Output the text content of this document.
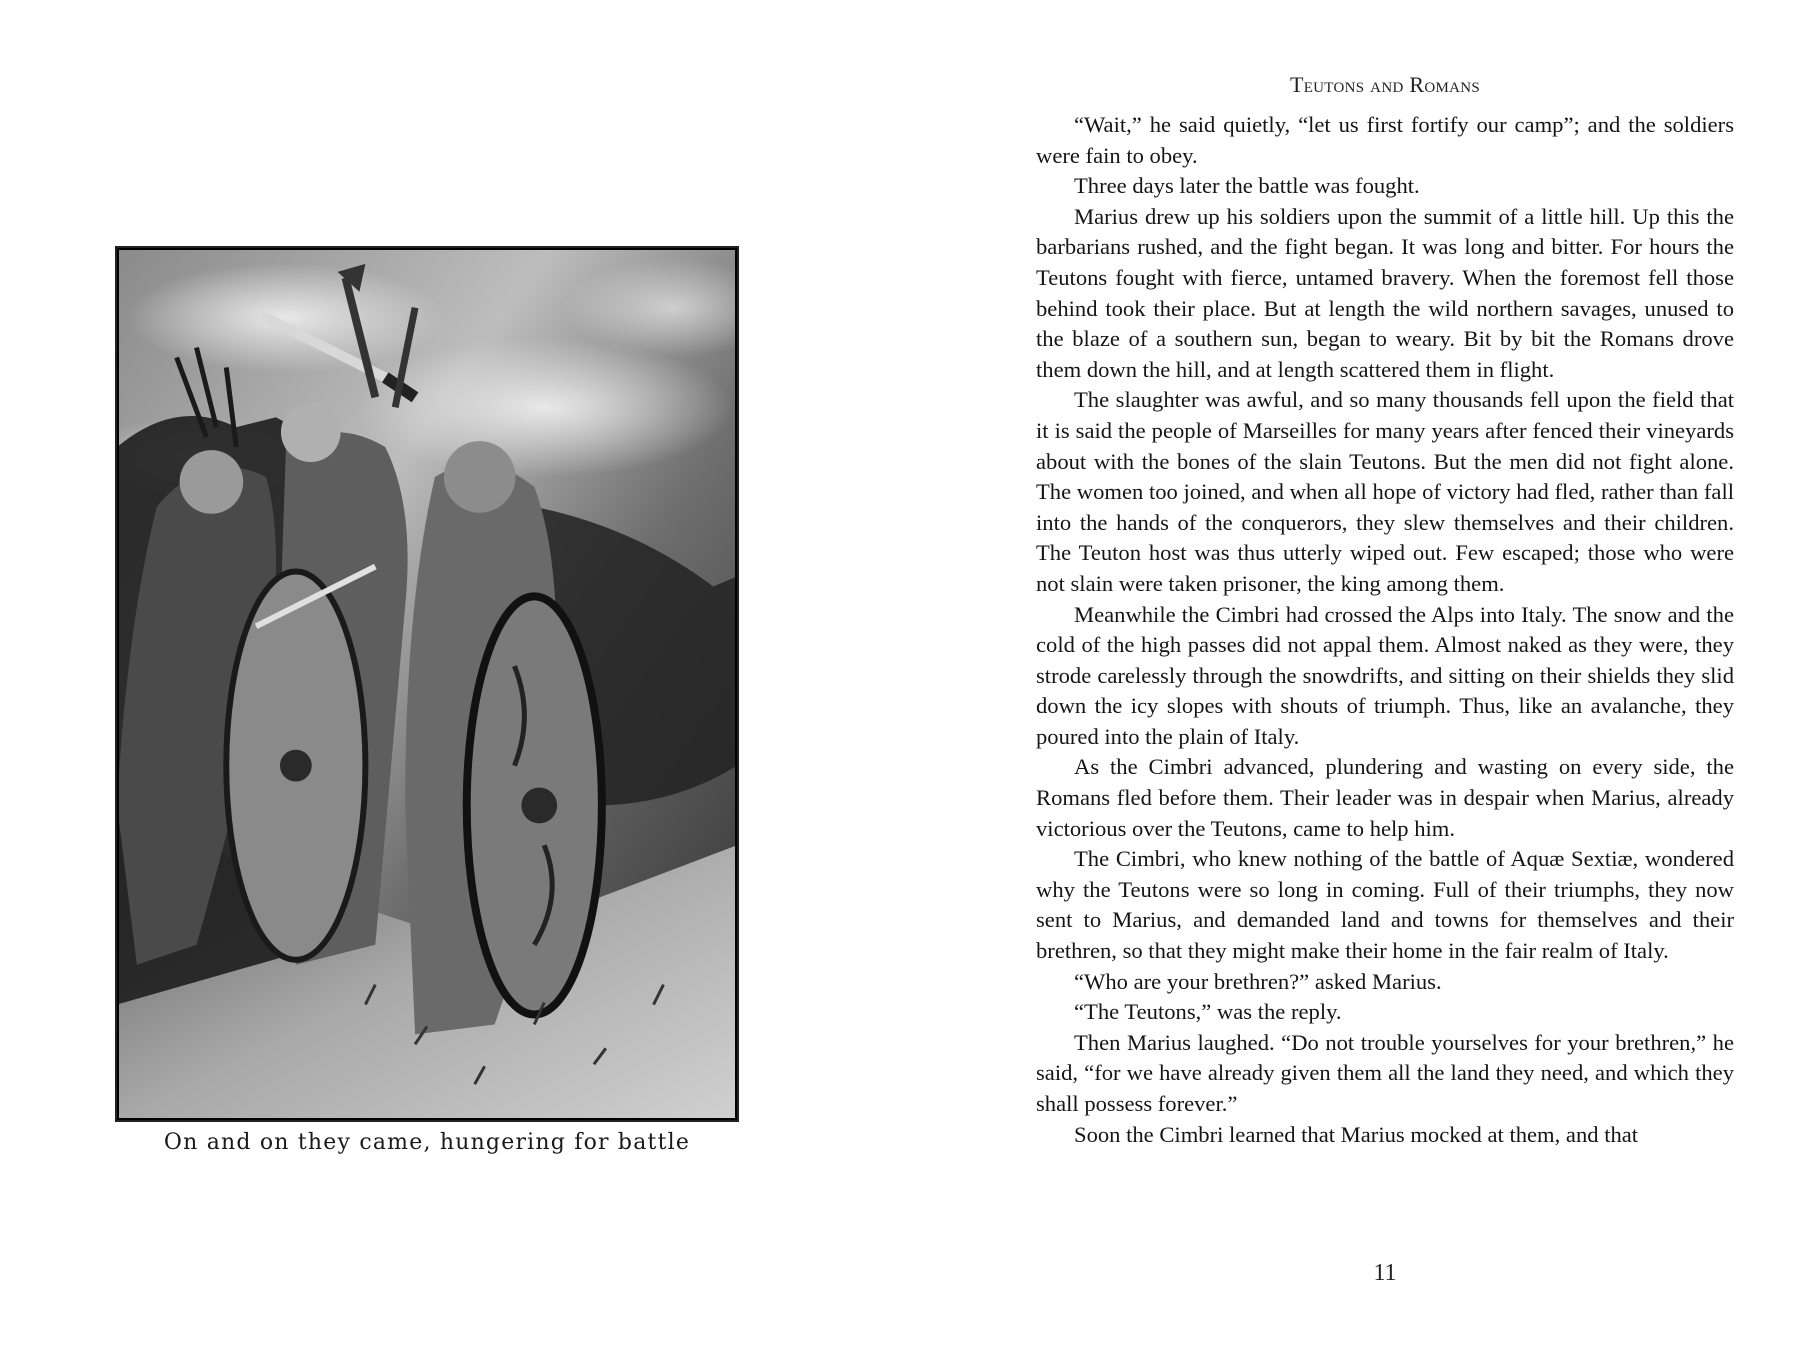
On and on they came, hungering for battle
Teutons and Romans

“Wait,” he said quietly, “let us first fortify our camp”; and the soldiers were fain to obey.

Three days later the battle was fought.

Marius drew up his soldiers upon the summit of a little hill. Up this the barbarians rushed, and the fight began. It was long and bitter. For hours the Teutons fought with fierce, untamed bravery. When the foremost fell those behind took their place. But at length the wild northern savages, unused to the blaze of a southern sun, began to weary. Bit by bit the Romans drove them down the hill, and at length scattered them in flight.

The slaughter was awful, and so many thousands fell upon the field that it is said the people of Marseilles for many years after fenced their vineyards about with the bones of the slain Teutons. But the men did not fight alone. The women too joined, and when all hope of victory had fled, rather than fall into the hands of the conquerors, they slew themselves and their children. The Teuton host was thus utterly wiped out. Few escaped; those who were not slain were taken prisoner, the king among them.

Meanwhile the Cimbri had crossed the Alps into Italy. The snow and the cold of the high passes did not appal them. Almost naked as they were, they strode carelessly through the snowdrifts, and sitting on their shields they slid down the icy slopes with shouts of triumph. Thus, like an avalanche, they poured into the plain of Italy.

As the Cimbri advanced, plundering and wasting on every side, the Romans fled before them. Their leader was in despair when Marius, already victorious over the Teutons, came to help him.

The Cimbri, who knew nothing of the battle of Aquæ Sextiæ, wondered why the Teutons were so long in coming. Full of their triumphs, they now sent to Marius, and demanded land and towns for themselves and their brethren, so that they might make their home in the fair realm of Italy.

“Who are your brethren?” asked Marius.

“The Teutons,” was the reply.

Then Marius laughed. “Do not trouble yourselves for your brethren,” he said, “for we have already given them all the land they need, and which they shall possess forever.”

Soon the Cimbri learned that Marius mocked at them, and that

11
